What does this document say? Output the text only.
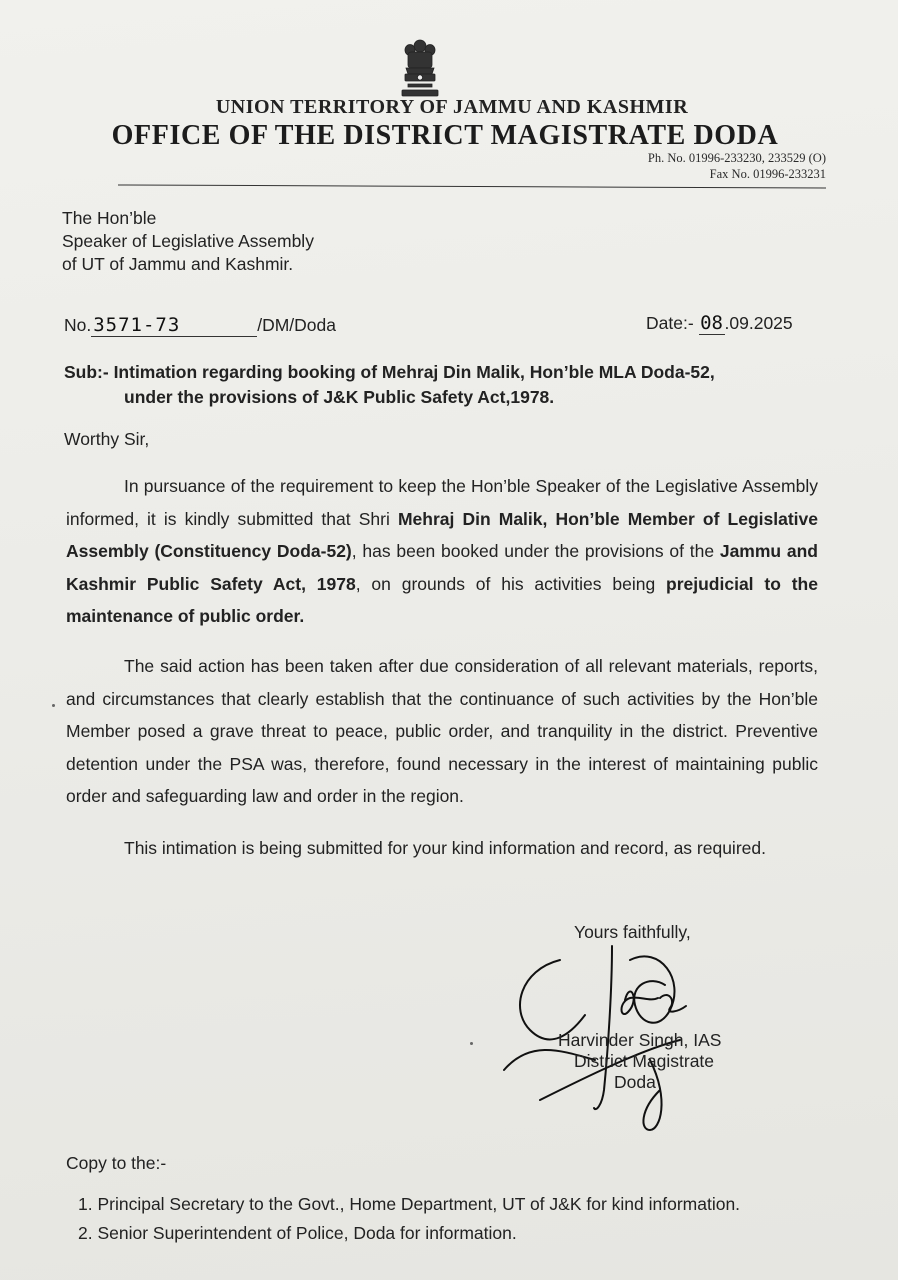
UNION TERRITORY OF JAMMU AND KASHMIR
OFFICE OF THE DISTRICT MAGISTRATE DODA
Ph. No. 01996-233230, 233529 (O)
Fax No. 01996-233231
The Hon’ble
Speaker of Legislative Assembly
of UT of Jammu and Kashmir.
No. 3571-73	/DM/Doda	Date:- 08.09.2025
Sub:- Intimation regarding booking of Mehraj Din Malik, Hon’ble MLA Doda-52,
under the provisions of J&K Public Safety Act,1978.
Worthy Sir,
In pursuance of the requirement to keep the Hon’ble Speaker of the Legislative Assembly informed, it is kindly submitted that Shri Mehraj Din Malik, Hon’ble Member of Legislative Assembly (Constituency Doda-52), has been booked under the provisions of the Jammu and Kashmir Public Safety Act, 1978, on grounds of his activities being prejudicial to the maintenance of public order.
The said action has been taken after due consideration of all relevant materials, reports, and circumstances that clearly establish that the continuance of such activities by the Hon’ble Member posed a grave threat to peace, public order, and tranquility in the district. Preventive detention under the PSA was, therefore, found necessary in the interest of maintaining public order and safeguarding law and order in the region.
This intimation is being submitted for your kind information and record, as required.
Yours faithfully,
Harvinder Singh, IAS
District Magistrate
Doda
Copy to the:-
1. Principal Secretary to the Govt., Home Department, UT of J&K for kind information.
2. Senior Superintendent of Police, Doda for information.
